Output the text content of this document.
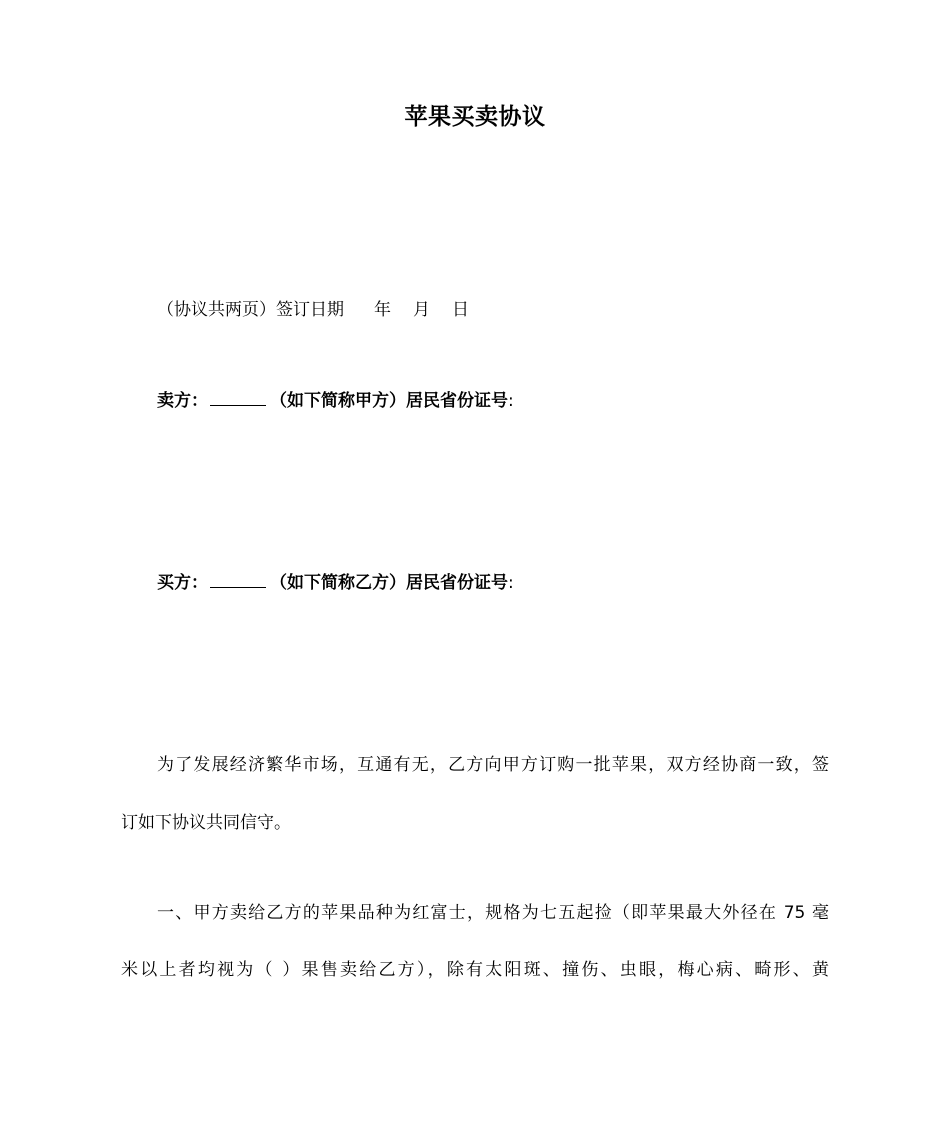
苹果买卖协议

（协议共两页）签订日期 年 月 日

卖方：	（如下简称甲方）居民省份证号:

买方：	（如下简称乙方）居民省份证号:

为了发展经济繁华市场，互通有无，乙方向甲方订购一批苹果，双方经协商一致，签

订如下协议共同信守。

一、甲方卖给乙方的苹果品种为红富士，规格为七五起捡（即苹果最大外径在 75 毫

米以上者均视为（ ）果售卖给乙方），除有太阳斑、撞伤、虫眼，梅心病、畸形、黄
